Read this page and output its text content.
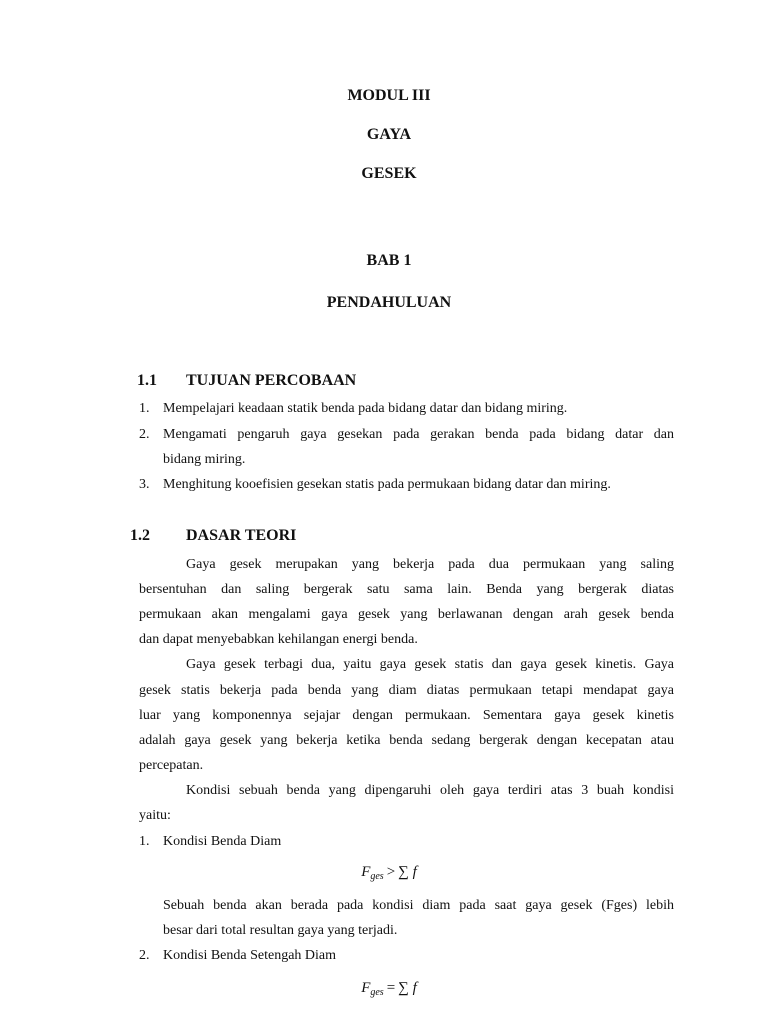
MODUL III
GAYA
GESEK
BAB 1
PENDAHULUAN
1.1 TUJUAN PERCOBAAN
1. Mempelajari keadaan statik benda pada bidang datar dan bidang miring.
2. Mengamati pengaruh gaya gesekan pada gerakan benda pada bidang datar dan
bidang miring.
3. Menghitung kooefisien gesekan statis pada permukaan bidang datar dan miring.
1.2 DASAR TEORI
Gaya gesek merupakan yang bekerja pada dua permukaan yang saling
bersentuhan dan saling bergerak satu sama lain. Benda yang bergerak diatas
permukaan akan mengalami gaya gesek yang berlawanan dengan arah gesek benda
dan dapat menyebabkan kehilangan energi benda.
Gaya gesek terbagi dua, yaitu gaya gesek statis dan gaya gesek kinetis. Gaya
gesek statis bekerja pada benda yang diam diatas permukaan tetapi mendapat gaya
luar yang komponennya sejajar dengan permukaan. Sementara gaya gesek kinetis
adalah gaya gesek yang bekerja ketika benda sedang bergerak dengan kecepatan atau
percepatan.
Kondisi sebuah benda yang dipengaruhi oleh gaya terdiri atas 3 buah kondisi
yaitu:
1. Kondisi Benda Diam
$F_{ges}$ > ∑ f
Sebuah benda akan berada pada kondisi diam pada saat gaya gesek (Fges) lebih
besar dari total resultan gaya yang terjadi.
2. Kondisi Benda Setengah Diam
$F_{ges}$ = ∑ f
